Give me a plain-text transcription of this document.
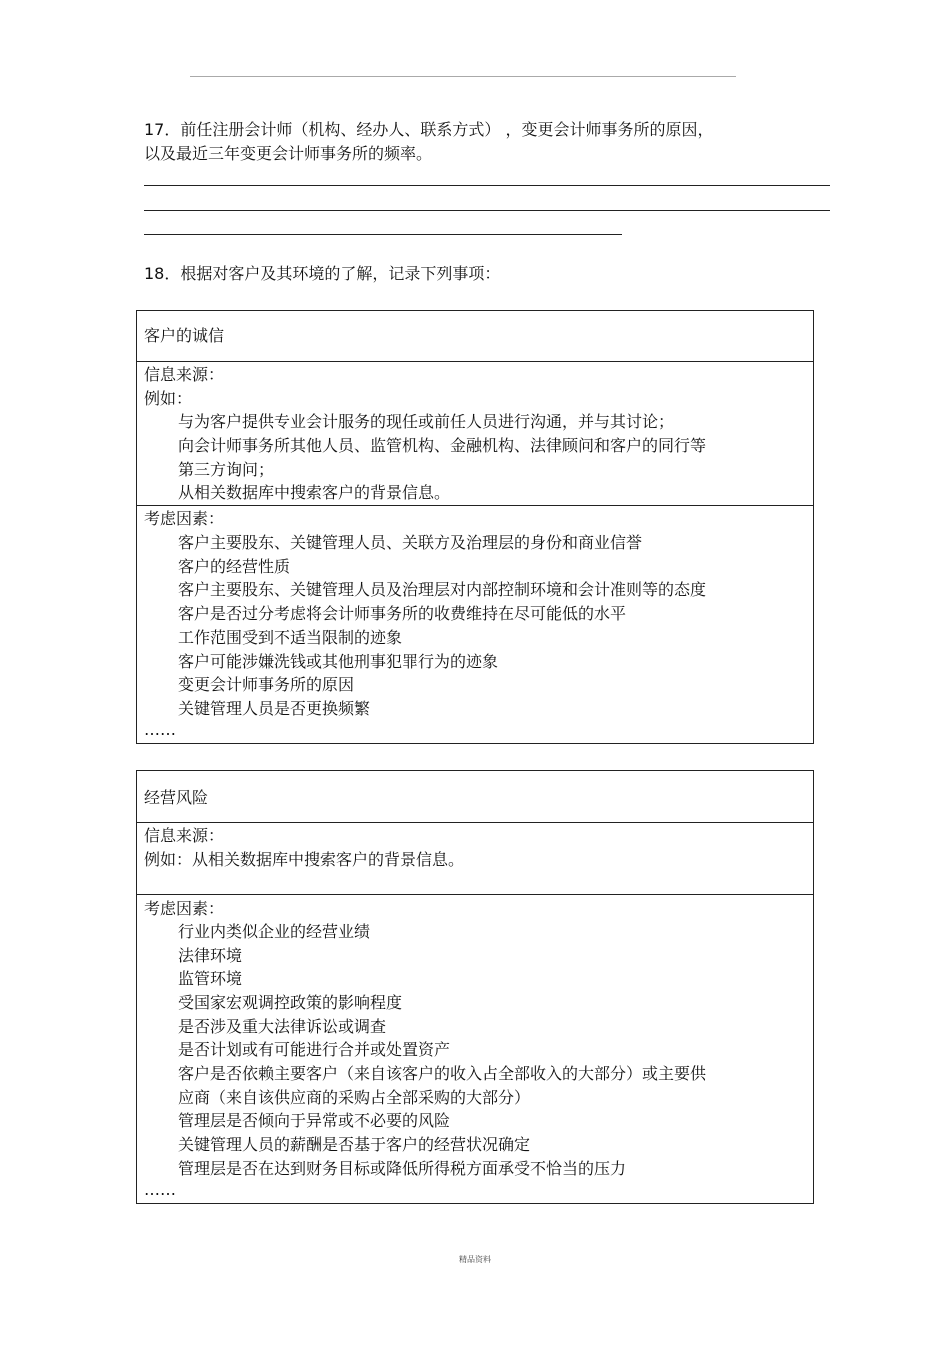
17．前任注册会计师（机构、经办人、联系方式） ，变更会计师事务所的原因，
以及最近三年变更会计师事务所的频率。
18．根据对客户及其环境的了解，记录下列事项：
客户的诚信
信息来源：
例如：
与为客户提供专业会计服务的现任或前任人员进行沟通，并与其讨论；
向会计师事务所其他人员、监管机构、金融机构、法律顾问和客户的同行等
第三方询问；
从相关数据库中搜索客户的背景信息。
考虑因素：
客户主要股东、关键管理人员、关联方及治理层的身份和商业信誉
客户的经营性质
客户主要股东、关键管理人员及治理层对内部控制环境和会计准则等的态度
客户是否过分考虑将会计师事务所的收费维持在尽可能低的水平
工作范围受到不适当限制的迹象
客户可能涉嫌洗钱或其他刑事犯罪行为的迹象
变更会计师事务所的原因
关键管理人员是否更换频繁
……
经营风险
信息来源：
例如：从相关数据库中搜索客户的背景信息。
考虑因素：
行业内类似企业的经营业绩
法律环境
监管环境
受国家宏观调控政策的影响程度
是否涉及重大法律诉讼或调查
是否计划或有可能进行合并或处置资产
客户是否依赖主要客户（来自该客户的收入占全部收入的大部分）或主要供
应商（来自该供应商的采购占全部采购的大部分）
管理层是否倾向于异常或不必要的风险
关键管理人员的薪酬是否基于客户的经营状况确定
管理层是否在达到财务目标或降低所得税方面承受不恰当的压力
……
精品资料
